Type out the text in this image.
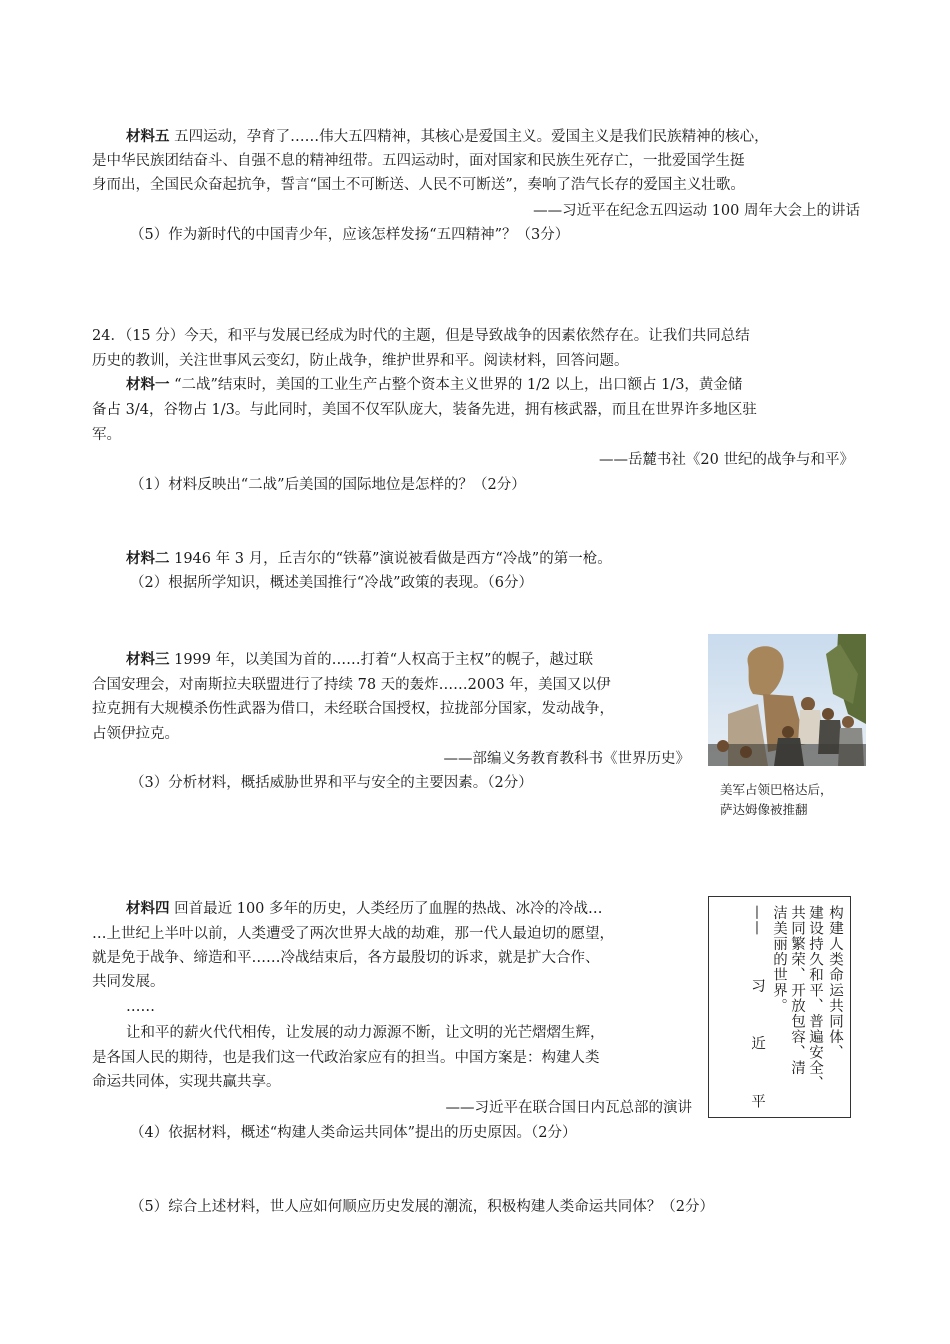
材料五 五四运动，孕育了……伟大五四精神，其核心是爱国主义。爱国主义是我们民族精神的核心，
是中华民族团结奋斗、自强不息的精神纽带。五四运动时，面对国家和民族生死存亡，一批爱国学生挺
身而出，全国民众奋起抗争，誓言“国土不可断送、人民不可断送”，奏响了浩气长存的爱国主义壮歌。
——习近平在纪念五四运动 100 周年大会上的讲话
（5）作为新时代的中国青少年，应该怎样发扬“五四精神”？（3分）
24．（15 分）今天，和平与发展已经成为时代的主题，但是导致战争的因素依然存在。让我们共同总结
历史的教训，关注世事风云变幻，防止战争，维护世界和平。阅读材料，回答问题。
材料一 “二战”结束时，美国的工业生产占整个资本主义世界的 1/2 以上，出口额占 1/3，黄金储
备占 3/4，谷物占 1/3。与此同时，美国不仅军队庞大，装备先进，拥有核武器，而且在世界许多地区驻
军。
——岳麓书社《20 世纪的战争与和平》
（1）材料反映出“二战”后美国的国际地位是怎样的？（2分）
材料二 1946 年 3 月，丘吉尔的“铁幕”演说被看做是西方“冷战”的第一枪。
（2）根据所学知识，概述美国推行“冷战”政策的表现。（6分）
材料三 1999 年，以美国为首的……打着“人权高于主权”的幌子，越过联
合国安理会，对南斯拉夫联盟进行了持续 78 天的轰炸……2003 年，美国又以伊
拉克拥有大规模杀伤性武器为借口，未经联合国授权，拉拢部分国家，发动战争，
占领伊拉克。
——部编义务教育教科书《世界历史》
（3）分析材料，概括威胁世界和平与安全的主要因素。（2分）	美军占领巴格达后，
萨达姆像被推翻
材料四 回首最近 100 多年的历史，人类经历了血腥的热战、冰冷的冷战…
…上世纪上半叶以前，人类遭受了两次世界大战的劫难，那一代人最迫切的愿望，
就是免于战争、缔造和平……冷战结束后，各方最殷切的诉求，就是扩大合作、
共同发展。
……
让和平的薪火代代相传，让发展的动力源源不断，让文明的光芒熠熠生辉，
是各国人民的期待，也是我们这一代政治家应有的担当。中国方案是：构建人类
命运共同体，实现共赢共享。
——习近平在联合国日内瓦总部的演讲
（4）依据材料，概述“构建人类命运共同体”提出的历史原因。（2分）
构建人类命运共同体、
建设持久和平、普遍安全、
共同繁荣、开放包容、清
洁美丽的世界。
——习近平
（5）综合上述材料，世人应如何顺应历史发展的潮流，积极构建人类命运共同体？（2分）
